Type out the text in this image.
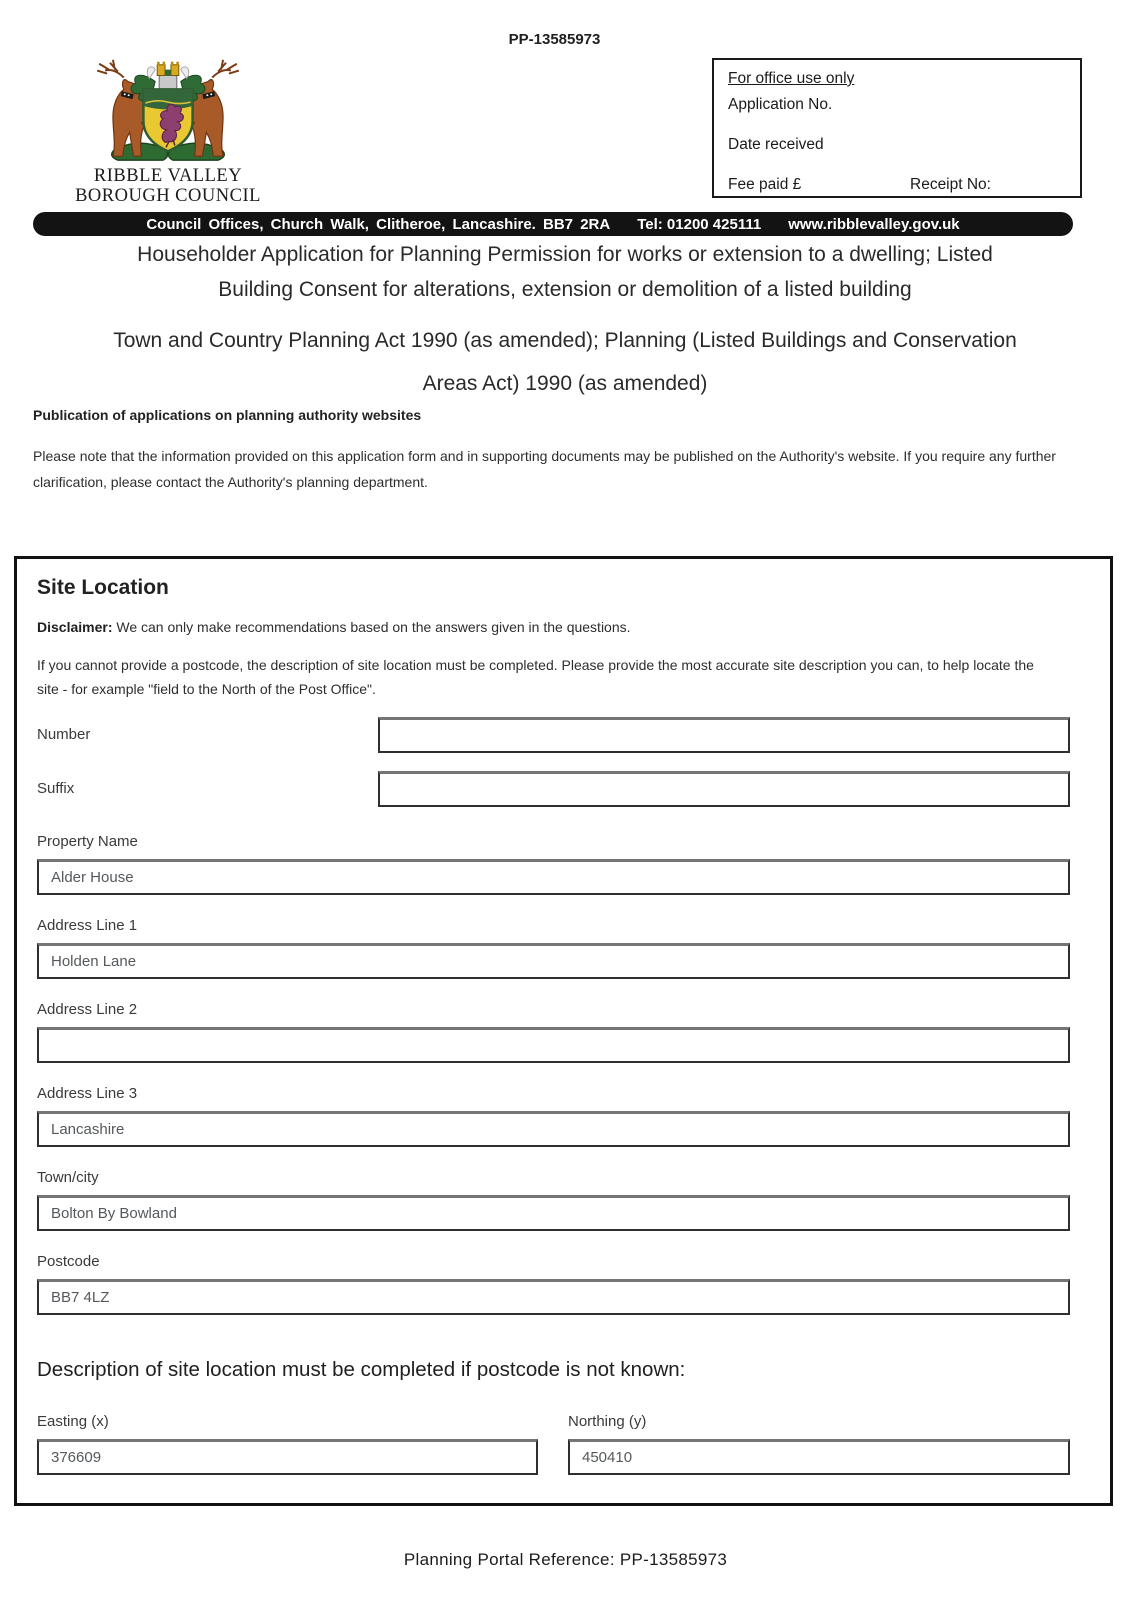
PP-13585973
RIBBLE VALLEY
BOROUGH COUNCIL
For office use only
Application No.
Date received
Fee paid £	Receipt No:
Council Offices, Church Walk, Clitheroe, Lancashire. BB7 2RA Tel: 01200 425111 www.ribblevalley.gov.uk
Householder Application for Planning Permission for works or extension to a dwelling; Listed
Building Consent for alterations, extension or demolition of a listed building
Town and Country Planning Act 1990 (as amended); Planning (Listed Buildings and Conservation
Areas Act) 1990 (as amended)
Publication of applications on planning authority websites
Please note that the information provided on this application form and in supporting documents may be published on the Authority's website. If you require any further clarification, please contact the Authority's planning department.
Site Location

Disclaimer: We can only make recommendations based on the answers given in the questions.

If you cannot provide a postcode, the description of site location must be completed. Please provide the most accurate site description you can, to help locate the site - for example "field to the North of the Post Office".

Number
Suffix
Property Name
Alder House
Address Line 1
Holden Lane
Address Line 2
Address Line 3
Lancashire
Town/city
Bolton By Bowland
Postcode
BB7 4LZ
Description of site location must be completed if postcode is not known:
Easting (x)
376609	Northing (y)
450410
Planning Portal Reference: PP-13585973
